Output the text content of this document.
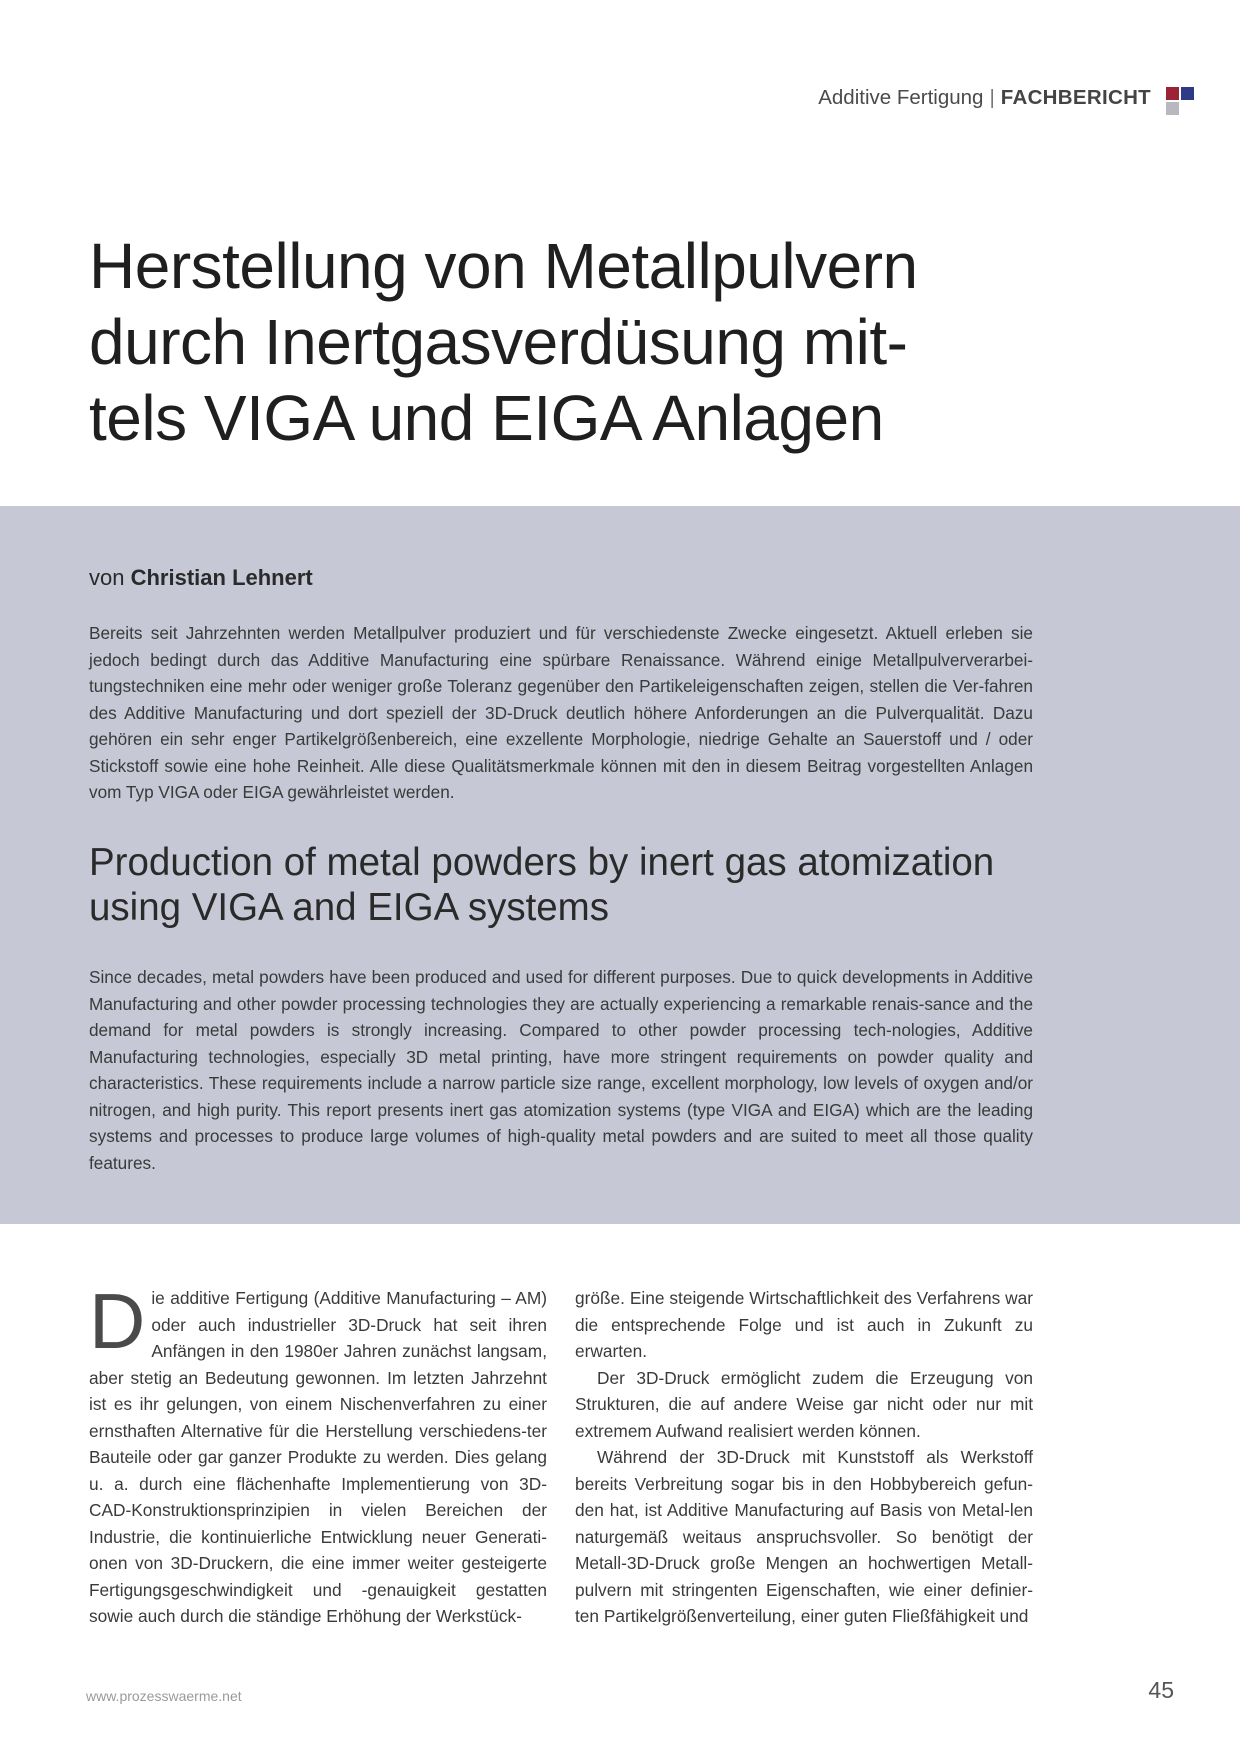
Additive Fertigung | FACHBERICHT
Herstellung von Metallpulvern
durch Inertgasverdüsung mit-
tels VIGA und EIGA Anlagen
von Christian Lehnert

Bereits seit Jahrzehnten werden Metallpulver produziert und für verschiedenste Zwecke eingesetzt. Aktuell erleben sie jedoch bedingt durch das Additive Manufacturing eine spürbare Renaissance. Während einige Metallpulververarbei-tungstechniken eine mehr oder weniger große Toleranz gegenüber den Partikeleigenschaften zeigen, stellen die Ver-fahren des Additive Manufacturing und dort speziell der 3D-Druck deutlich höhere Anforderungen an die Pulverqualität. Dazu gehören ein sehr enger Partikelgrößenbereich, eine exzellente Morphologie, niedrige Gehalte an Sauerstoff und / oder Stickstoff sowie eine hohe Reinheit. Alle diese Qualitätsmerkmale können mit den in diesem Beitrag vorgestellten Anlagen vom Typ VIGA oder EIGA gewährleistet werden.

Production of metal powders by inert gas atomization
using VIGA and EIGA systems

Since decades, metal powders have been produced and used for different purposes. Due to quick developments in Additive Manufacturing and other powder processing technologies they are actually experiencing a remarkable renais-sance and the demand for metal powders is strongly increasing. Compared to other powder processing tech-nologies, Additive Manufacturing technologies, especially 3D metal printing, have more stringent requirements on powder quality and characteristics. These requirements include a narrow particle size range, excellent morphology, low levels of oxygen and/or nitrogen, and high purity. This report presents inert gas atomization systems (type VIGA and EIGA) which are the leading systems and processes to produce large volumes of high-quality metal powders and are suited to meet all those quality features.

Die additive Fertigung (Additive Manufacturing – AM) oder auch industrieller 3D-Druck hat seit ihren Anfängen in den 1980er Jahren zunächst langsam, aber stetig an Bedeutung gewonnen. Im letzten Jahrzehnt ist es ihr gelungen, von einem Nischenverfahren zu einer ernsthaften Alternative für die Herstellung verschiedens-ter Bauteile oder gar ganzer Produkte zu werden. Dies gelang u. a. durch eine flächenhafte Implementierung von 3D-CAD-Konstruktionsprinzipien in vielen Bereichen der Industrie, die kontinuierliche Entwicklung neuer Generati-onen von 3D-Druckern, die eine immer weiter gesteigerte Fertigungsgeschwindigkeit und -genauigkeit gestatten sowie auch durch die ständige Erhöhung der Werkstück-

größe. Eine steigende Wirtschaftlichkeit des Verfahrens war die entsprechende Folge und ist auch in Zukunft zu erwarten.

Der 3D-Druck ermöglicht zudem die Erzeugung von Strukturen, die auf andere Weise gar nicht oder nur mit extremem Aufwand realisiert werden können.

Während der 3D-Druck mit Kunststoff als Werkstoff bereits Verbreitung sogar bis in den Hobbybereich gefun-den hat, ist Additive Manufacturing auf Basis von Metal-len naturgemäß weitaus anspruchsvoller. So benötigt der Metall-3D-Druck große Mengen an hochwertigen Metall-pulvern mit stringenten Eigenschaften, wie einer definier-ten Partikelgrößenverteilung, einer guten Fließfähigkeit und

www.prozesswaerme.net	45
